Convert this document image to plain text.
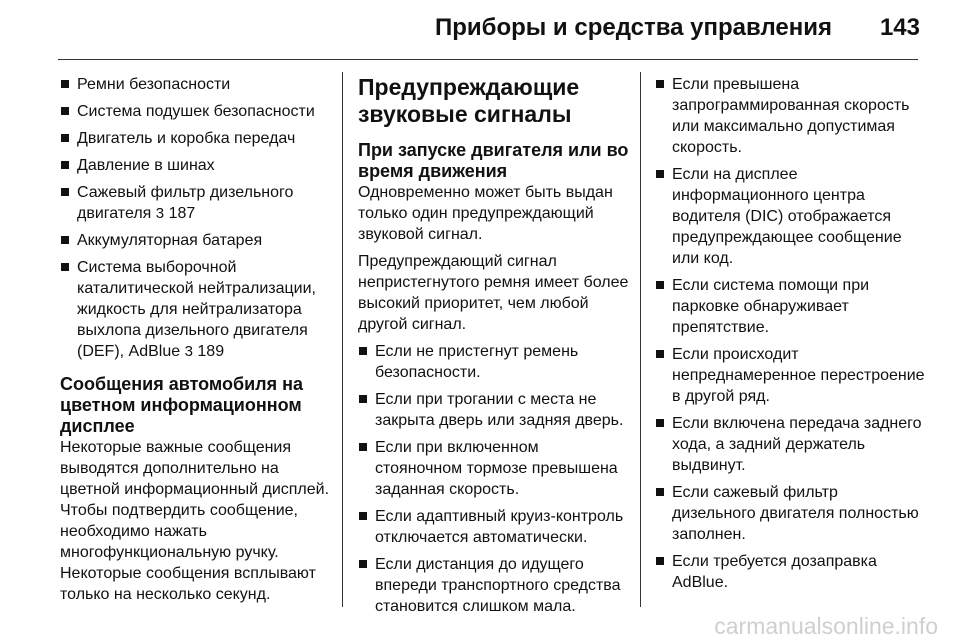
Приборы и средства управления 143
Ремни безопасности
Система подушек безопасности
Двигатель и коробка передач
Давление в шинах
Сажевый фильтр дизельного двигателя 3 187
Аккумуляторная батарея
Система выборочной каталитической нейтрализации, жидкость для нейтрализатора выхлопа дизельного двигателя (DEF), AdBlue 3 189
Сообщения автомобиля на цветном информационном дисплее

Некоторые важные сообщения выводятся дополнительно на цветной информационный дисплей. Чтобы подтвердить сообщение, необходимо нажать многофункциональную ручку. Некоторые сообщения всплывают только на несколько секунд.

Предупреждающие звуковые сигналы
При запуске двигателя или во время движения

Одновременно может быть выдан только один предупреждающий звуковой сигнал.

Предупреждающий сигнал непристегнутого ремня имеет более высокий приоритет, чем любой другой сигнал.

Если не пристегнут ремень безопасности.
Если при трогании с места не закрыта дверь или задняя дверь.
Если при включенном стояночном тормозе превышена заданная скорость.
Если адаптивный круиз-контроль отключается автоматически.
Если дистанция до идущего впереди транспортного средства становится слишком мала.
Если превышена запрограммированная скорость или максимально допустимая скорость.
Если на дисплее информационного центра водителя (DIC) отображается предупреждающее сообщение или код.
Если система помощи при парковке обнаруживает препятствие.
Если происходит непреднамеренное перестроение в другой ряд.
Если включена передача заднего хода, а задний держатель выдвинут.
Если сажевый фильтр дизельного двигателя полностью заполнен.
Если требуется дозаправка AdBlue.
carmanualsonline.info
